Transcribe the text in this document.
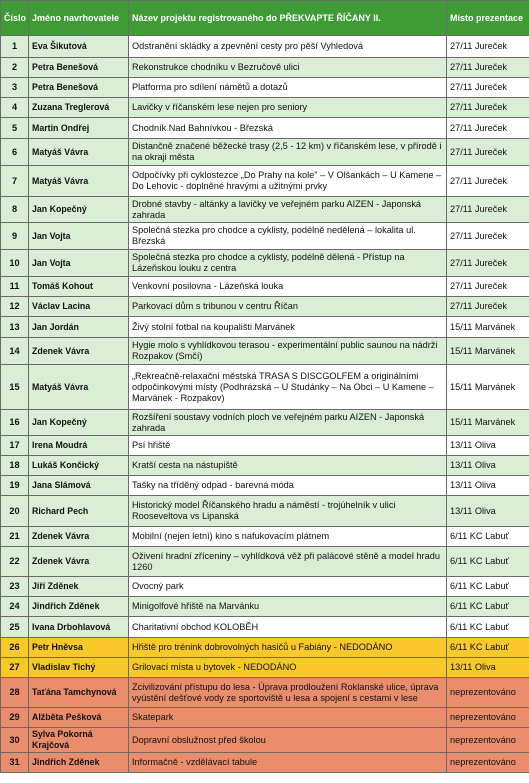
Číslo	Jméno navrhovatele	Název projektu registrovaného do PŘEKVAPTE ŘÍČANY II.	Místo prezentace
1	Eva Šikutová	Odstranění skládky a zpevnění cesty pro pěší Vyhledová	27/11 Jureček
2	Petra Benešová	Rekonstrukce chodníku v Bezručově ulici	27/11 Jureček
3	Petra Benešová	Platforma pro sdílení námětů a dotazů	27/11 Jureček
4	Zuzana Treglerová	Lavičky v říčanském lese nejen pro seniory	27/11 Jureček
5	Martin Ondřej	Chodník Nad Bahnívkou - Březská	27/11 Jureček
6	Matyáš Vávra	Distančně značené běžecké trasy (2,5 - 12 km) v říčanském lese, v přírodě i na okraji města	27/11 Jureček
7	Matyáš Vávra	Odpočívky při cyklostezce „Do Prahy na kole" – V Olšankách – U Kamene – Do Lehovic - doplněné hravými a užitnými prvky	27/11 Jureček
8	Jan Kopečný	Drobné stavby - altánky a lavičky ve veřejném parku AIZEN - Japonská zahrada	27/11 Jureček
9	Jan Vojta	Společná stezka pro chodce a cyklisty, podélně nedělená – lokalita ul. Březská	27/11 Jureček
10	Jan Vojta	Společná stezka pro chodce a cyklisty, podélně dělená - Přístup na Lázeňskou louku z centra	27/11 Jureček
11	Tomáš Kohout	Venkovní posilovna - Lázeňská louka	27/11 Jureček
12	Václav Lacina	Parkovací dům s tribunou v centru Říčan	27/11 Jureček
13	Jan Jordán	Živý stolní fotbal na koupališti Marvánek	15/11 Marvánek
14	Zdenek Vávra	Hygie molo s vyhlídkovou terasou - experimentální public saunou na nádrži Rozpakov (Smčí)	15/11 Marvánek
15	Matyáš Vávra	„Rekreačně-relaxační městská TRASA S DISCGOLFEM a originálními odpočinkovými místy (Podhrázská – U Studánky – Na Obci – U Kamene – Marvánek - Rozpakov)	15/11 Marvánek
16	Jan Kopečný	Rozšíření soustavy vodních ploch ve veřejném parku AIZEN - Japonská zahrada	15/11 Marvánek
17	Irena Moudrá	Psí hřiště	13/11 Oliva
18	Lukáš Končický	Kratší cesta na nástupiště	13/11 Oliva
19	Jana Slámová	Tašky na tříděný odpad - barevná móda	13/11 Oliva
20	Richard Pech	Historický model Říčanského hradu a náměstí - trojúhelník v ulici Rooseveltova vs Lipanská	13/11 Oliva
21	Zdenek Vávra	Mobilní (nejen letní) kino s nafukovacím plátnem	6/11 KC Labuť
22	Zdenek Vávra	Oživení hradní zříceniny – vyhlídková věž při palácové stěně a model hradu 1260	6/11 KC Labuť
23	Jiří Zděnek	Ovocný park	6/11 KC Labuť
24	Jindřich Zděnek	Minigolfové hřiště na Marvánku	6/11 KC Labuť
25	Ivana Drbohlavová	Charitativní obchod KOLOBĚH	6/11 KC Labuť
26	Petr Hněvsa	Hřiště pro trénink dobrovolných hasičů u Fabiány - NEDODÁNO	6/11 KC Labuť
27	Vladislav Tichý	Grilovací místa u bytovek - NEDODÁNO	13/11 Oliva
28	Taťána Tamchynová	Zcivilizování přístupu do lesa - Úprava prodloužení Roklanské ulice, úprava vyústění dešťové vody ze sportoviště u lesa a spojení s cestami v lese	neprezentováno
29	Alžběta Pešková	Skatepark	neprezentováno
30	Sylva Pokorná Krajčová	Dopravní obslužnost před školou	neprezentováno
31	Jindřich Zděnek	Informačně - vzdělávací tabule	neprezentováno
